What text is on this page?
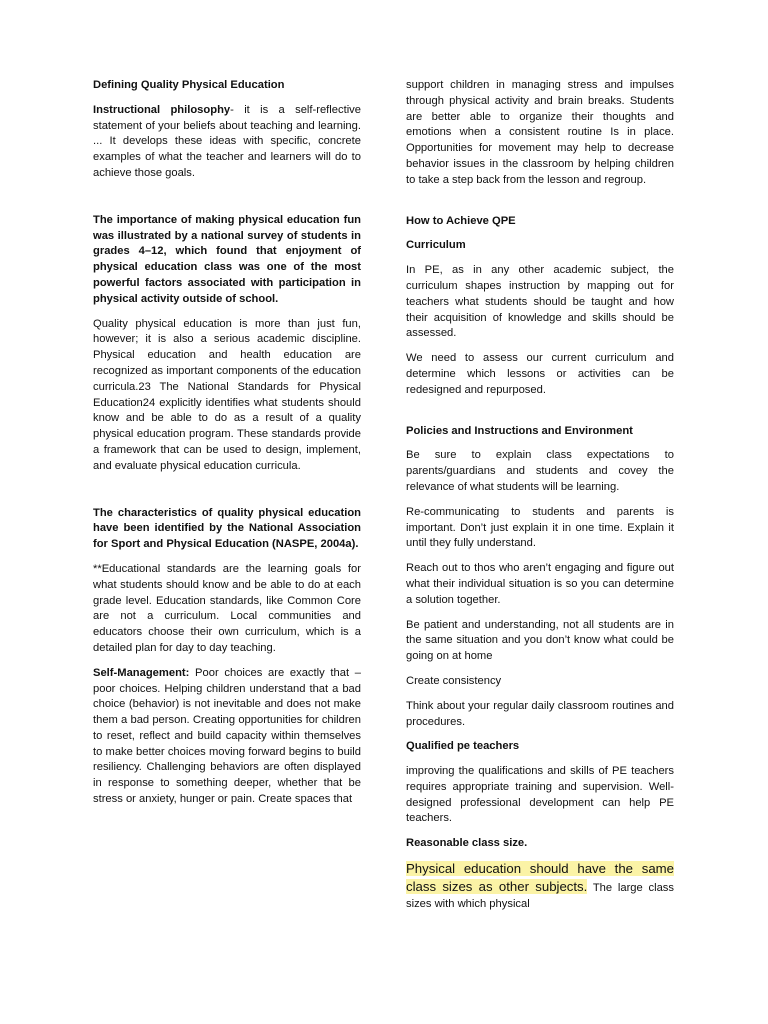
Defining Quality Physical Education

Instructional philosophy- it is a self-reflective statement of your beliefs about teaching and learning. ... It develops these ideas with specific, concrete examples of what the teacher and learners will do to achieve those goals.

The importance of making physical education fun was illustrated by a national survey of students in grades 4–12, which found that enjoyment of physical education class was one of the most powerful factors associated with participation in physical activity outside of school.

Quality physical education is more than just fun, however; it is also a serious academic discipline. Physical education and health education are recognized as important components of the education curricula.23 The National Standards for Physical Education24 explicitly identifies what students should know and be able to do as a result of a quality physical education program. These standards provide a framework that can be used to design, implement, and evaluate physical education curricula.

The characteristics of quality physical education have been identified by the National Association for Sport and Physical Education (NASPE, 2004a).

**Educational standards are the learning goals for what students should know and be able to do at each grade level. Education standards, like Common Core are not a curriculum. Local communities and educators choose their own curriculum, which is a detailed plan for day to day teaching.

Self-Management: Poor choices are exactly that – poor choices. Helping children understand that a bad choice (behavior) is not inevitable and does not make them a bad person. Creating opportunities for children to reset, reflect and build capacity within themselves to make better choices moving forward begins to build resiliency. Challenging behaviors are often displayed in response to something deeper, whether that be stress or anxiety, hunger or pain. Create spaces that

support children in managing stress and impulses through physical activity and brain breaks. Students are better able to organize their thoughts and emotions when a consistent routine Is in place. Opportunities for movement may help to decrease behavior issues in the classroom by helping children to take a step back from the lesson and regroup.

How to Achieve QPE

Curriculum

In PE, as in any other academic subject, the curriculum shapes instruction by mapping out for teachers what students should be taught and how their acquisition of knowledge and skills should be assessed.

We need to assess our current curriculum and determine which lessons or activities can be redesigned and repurposed.

Policies and Instructions and Environment

Be sure to explain class expectations to parents/guardians and students and covey the relevance of what students will be learning.

Re-communicating to students and parents is important. Don’t just explain it in one time. Explain it until they fully understand.

Reach out to thos who aren’t engaging and figure out what their individual situation is so you can determine a solution together.

Be patient and understanding, not all students are in the same situation and you don’t know what could be going on at home

Create consistency

Think about your regular daily classroom routines and procedures.

Qualified pe teachers

improving the qualifications and skills of PE teachers requires appropriate training and supervision. Well-designed professional development can help PE teachers.

Reasonable class size.

Physical education should have the same class sizes as other subjects. The large class sizes with which physical
